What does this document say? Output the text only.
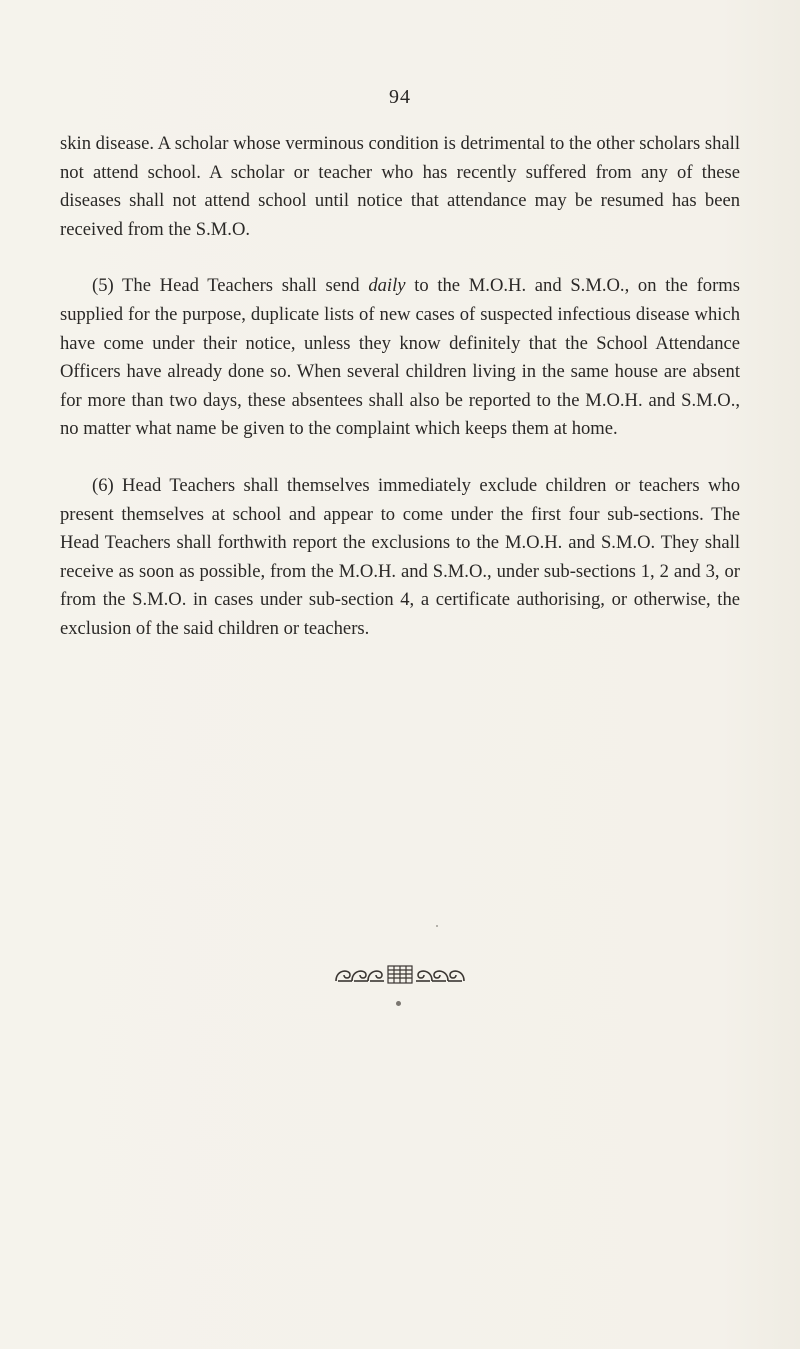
94

skin disease. A scholar whose verminous condition is detrimental to the other scholars shall not attend school. A scholar or teacher who has recently suffered from any of these diseases shall not attend school until notice that attendance may be resumed has been received from the S.M.O.

(5) The Head Teachers shall send daily to the M.O.H. and S.M.O., on the forms supplied for the purpose, duplicate lists of new cases of suspected infectious disease which have come under their notice, unless they know definitely that the School Attendance Officers have already done so. When several children living in the same house are absent for more than two days, these absentees shall also be reported to the M.O.H. and S.M.O., no matter what name be given to the complaint which keeps them at home.

(6) Head Teachers shall themselves immediately exclude children or teachers who present themselves at school and appear to come under the first four sub-sections. The Head Teachers shall forthwith report the exclusions to the M.O.H. and S.M.O. They shall receive as soon as possible, from the M.O.H. and S.M.O., under sub-sections 1, 2 and 3, or from the S.M.O. in cases under sub-section 4, a certificate authorising, or otherwise, the exclusion of the said children or teachers.
